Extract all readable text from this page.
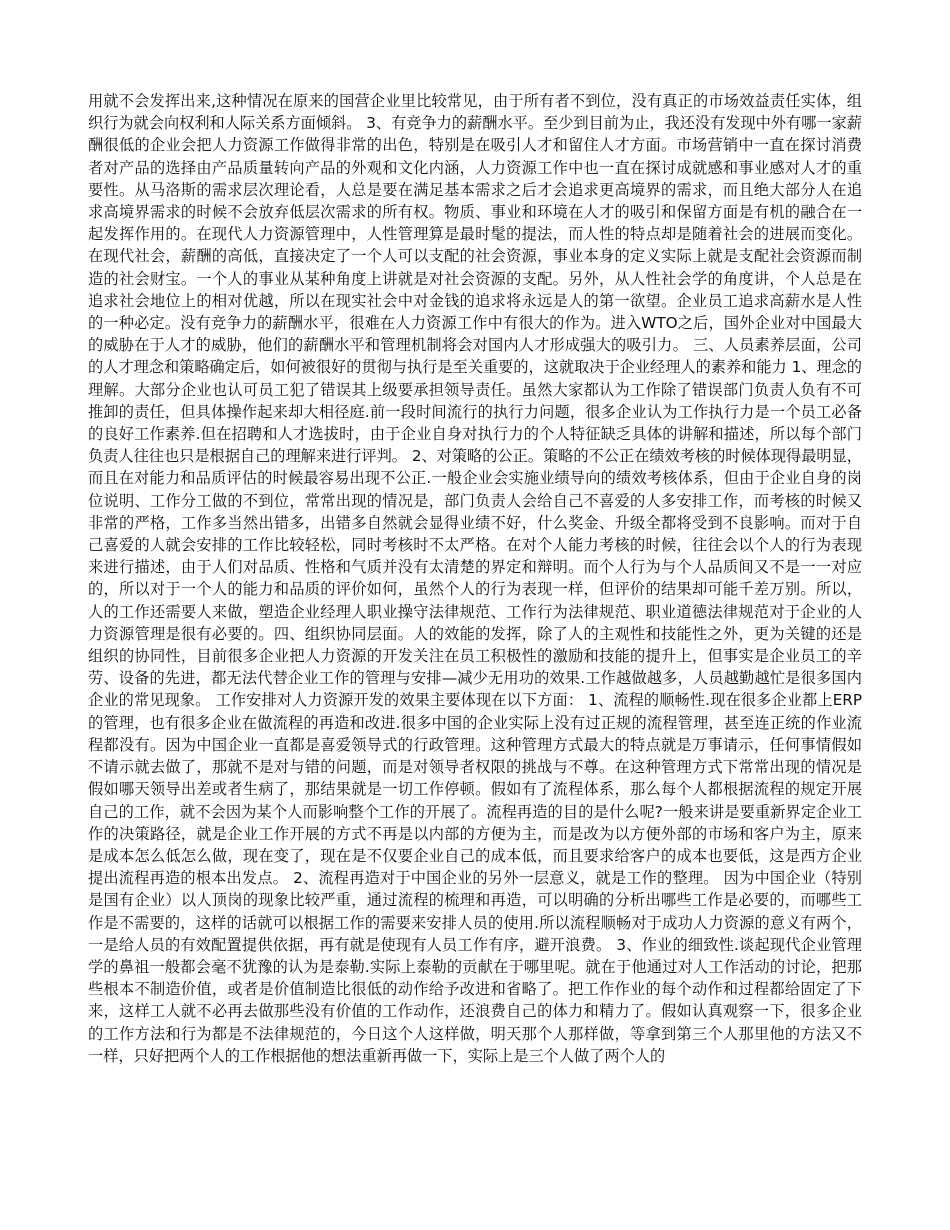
用就不会发挥出来,这种情况在原来的国营企业里比较常见，由于所有者不到位，没有真正的市场效益责任实体，组织行为就会向权利和人际关系方面倾斜。 3、有竞争力的薪酬水平。至少到目前为止，我还没有发现中外有哪一家薪酬很低的企业会把人力资源工作做得非常的出色，特别是在吸引人才和留住人才方面。市场营销中一直在探讨消费者对产品的选择由产品质量转向产品的外观和文化内涵，人力资源工作中也一直在探讨成就感和事业感对人才的重要性。从马洛斯的需求层次理论看，人总是要在满足基本需求之后才会追求更高境界的需求，而且绝大部分人在追求高境界需求的时候不会放弃低层次需求的所有权。物质、事业和环境在人才的吸引和保留方面是有机的融合在一起发挥作用的。在现代人力资源管理中，人性管理算是最时髦的提法，而人性的特点却是随着社会的进展而变化。在现代社会，薪酬的高低，直接决定了一个人可以支配的社会资源，事业本身的定义实际上就是支配社会资源而制造的社会财宝。一个人的事业从某种角度上讲就是对社会资源的支配。另外，从人性社会学的角度讲，个人总是在追求社会地位上的相对优越，所以在现实社会中对金钱的追求将永远是人的第一欲望。企业员工追求高薪水是人性的一种必定。没有竞争力的薪酬水平，很难在人力资源工作中有很大的作为。进入WTO之后，国外企业对中国最大的威胁在于人才的威胁，他们的薪酬水平和管理机制将会对国内人才形成强大的吸引力。 三、人员素养层面，公司的人才理念和策略确定后，如何被很好的贯彻与执行是至关重要的，这就取决于企业经理人的素养和能力 1、理念的理解。大部分企业也认可员工犯了错误其上级要承担领导责任。虽然大家都认为工作除了错误部门负责人负有不可推卸的责任，但具体操作起来却大相径庭.前一段时间流行的执行力问题，很多企业认为工作执行力是一个员工必备的良好工作素养.但在招聘和人才选拔时，由于企业自身对执行力的个人特征缺乏具体的讲解和描述，所以每个部门负责人往往也只是根据自己的理解来进行评判。 2、对策略的公正。策略的不公正在绩效考核的时候体现得最明显，而且在对能力和品质评估的时候最容易出现不公正.一般企业会实施业绩导向的绩效考核体系，但由于企业自身的岗位说明、工作分工做的不到位，常常出现的情况是，部门负责人会给自己不喜爱的人多安排工作，而考核的时候又非常的严格，工作多当然出错多，出错多自然就会显得业绩不好，什么奖金、升级全都将受到不良影响。而对于自己喜爱的人就会安排的工作比较轻松，同时考核时不太严格。在对个人能力考核的时候，往往会以个人的行为表现来进行描述，由于人们对品质、性格和气质并没有太清楚的界定和辩明。而个人行为与个人品质间又不是一一对应的，所以对于一个人的能力和品质的评价如何，虽然个人的行为表现一样，但评价的结果却可能千差万别。所以，人的工作还需要人来做，塑造企业经理人职业操守法律规范、工作行为法律规范、职业道德法律规范对于企业的人力资源管理是很有必要的。四、组织协同层面。人的效能的发挥，除了人的主观性和技能性之外，更为关键的还是组织的协同性，目前很多企业把人力资源的开发关注在员工积极性的激励和技能的提升上，但事实是企业员工的辛劳、设备的先进，都无法代替企业工作的管理与安排—减少无用功的效果.工作越做越多，人员越勤越忙是很多国内企业的常见现象。 工作安排对人力资源开发的效果主要体现在以下方面： 1、流程的顺畅性.现在很多企业都上ERP的管理，也有很多企业在做流程的再造和改进.很多中国的企业实际上没有过正规的流程管理，甚至连正统的作业流程都没有。因为中国企业一直都是喜爱领导式的行政管理。这种管理方式最大的特点就是万事请示，任何事情假如不请示就去做了，那就不是对与错的问题，而是对领导者权限的挑战与不尊。在这种管理方式下常常出现的情况是假如哪天领导出差或者生病了，那结果就是一切工作停顿。假如有了流程体系，那么每个人都根据流程的规定开展自己的工作，就不会因为某个人而影响整个工作的开展了。流程再造的目的是什么呢?一般来讲是要重新界定企业工作的决策路径，就是企业工作开展的方式不再是以内部的方便为主，而是改为以方便外部的市场和客户为主，原来是成本怎么低怎么做，现在变了，现在是不仅要企业自己的成本低，而且要求给客户的成本也要低，这是西方企业提出流程再造的根本出发点。 2、流程再造对于中国企业的另外一层意义，就是工作的整理。 因为中国企业（特别是国有企业）以人顶岗的现象比较严重，通过流程的梳理和再造，可以明确的分析出哪些工作是必要的，而哪些工作是不需要的，这样的话就可以根据工作的需要来安排人员的使用.所以流程顺畅对于成功人力资源的意义有两个，一是给人员的有效配置提供依据，再有就是使现有人员工作有序，避开浪费。 3、作业的细致性.谈起现代企业管理学的鼻祖一般都会毫不犹豫的认为是泰勒.实际上泰勒的贡献在于哪里呢。就在于他通过对人工作活动的讨论，把那些根本不制造价值，或者是价值制造比很低的动作给予改进和省略了。把工作作业的每个动作和过程都给固定了下来，这样工人就不必再去做那些没有价值的工作动作，还浪费自己的体力和精力了。假如认真观察一下，很多企业的工作方法和行为都是不法律规范的，今日这个人这样做，明天那个人那样做，等拿到第三个人那里他的方法又不一样，只好把两个人的工作根据他的想法重新再做一下，实际上是三个人做了两个人的
